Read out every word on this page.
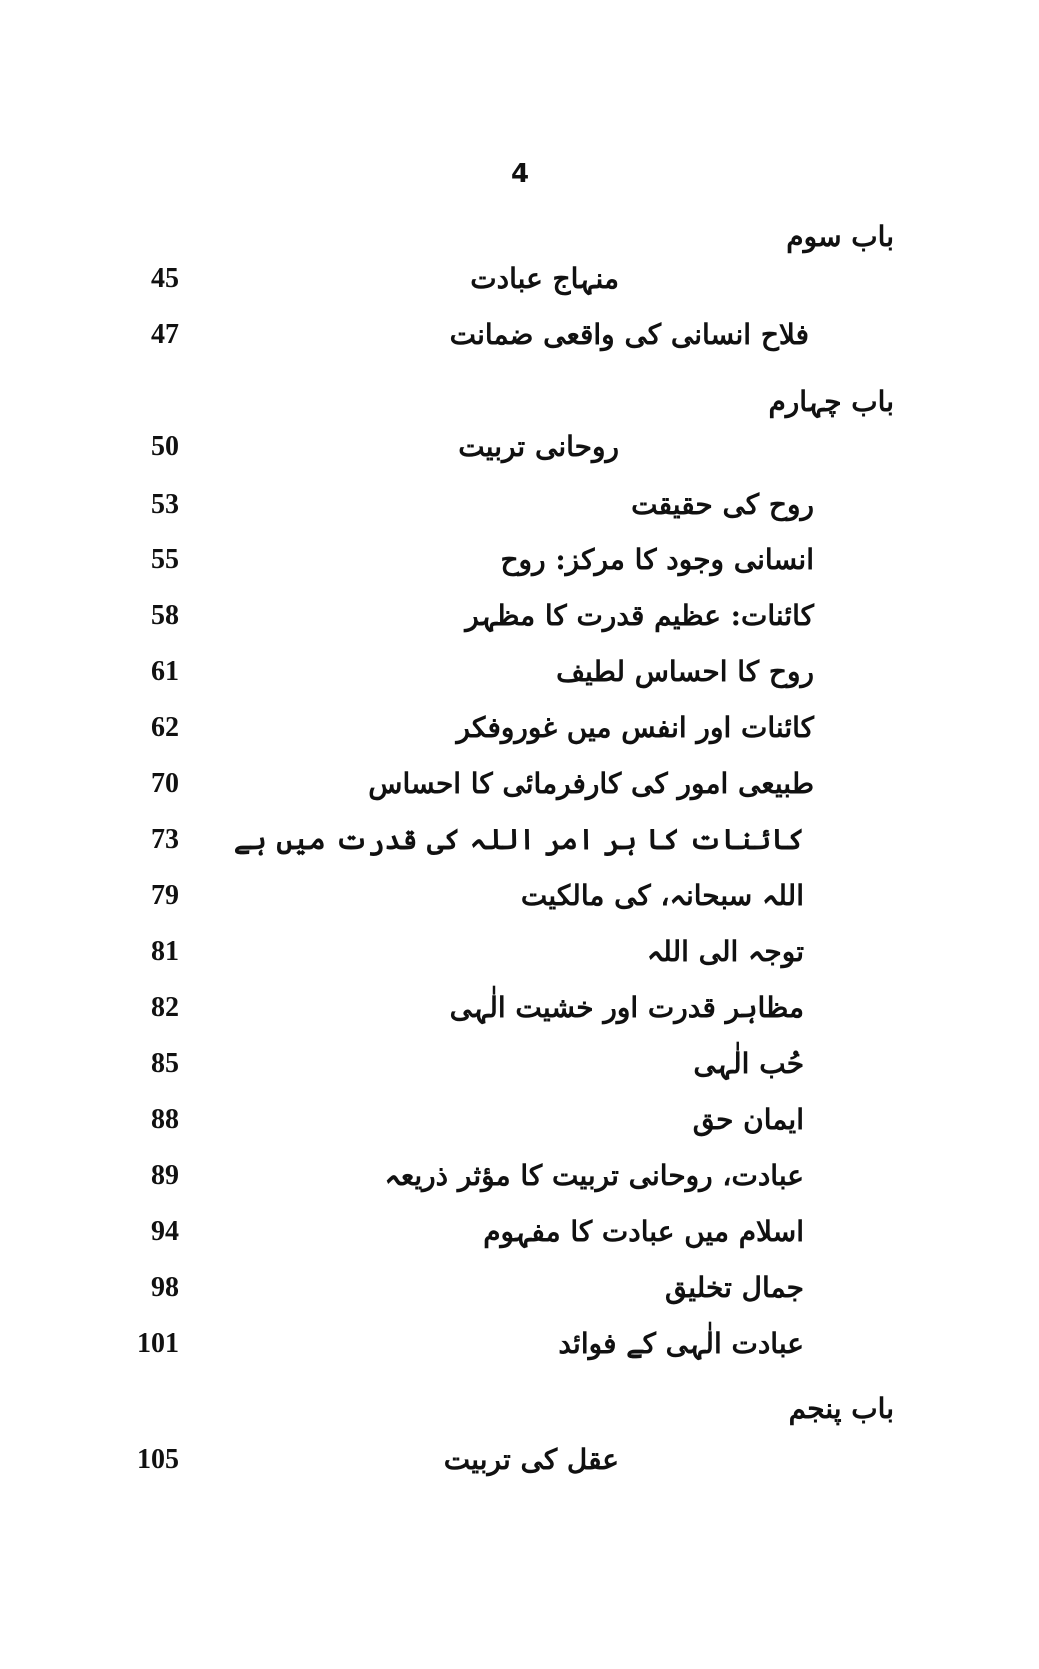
4
باب سوم
منہاج عبادت
45
فلاح انسانی کی واقعی ضمانت
47
باب چہارم
روحانی تربیت
50
روح کی حقیقت
53
انسانی وجود کا مرکز: روح
55
کائنات: عظیم قدرت کا مظہر
58
روح کا احساس لطیف
61
کائنات اور انفس میں غوروفکر
62
طبیعی امور کی کارفرمائی کا احساس
70
کائنات کا ہر امر اللہ کی قدرت میں ہے
73
اللہ سبحانہ، کی مالکیت
79
توجہ الی اللہ
81
مظاہر قدرت اور خشیت الٰہی
82
حُب الٰہی
85
ایمان حق
88
عبادت، روحانی تربیت کا مؤثر ذریعہ
89
اسلام میں عبادت کا مفہوم
94
جمال تخلیق
98
عبادت الٰہی کے فوائد
101
باب پنجم
عقل کی تربیت
105
